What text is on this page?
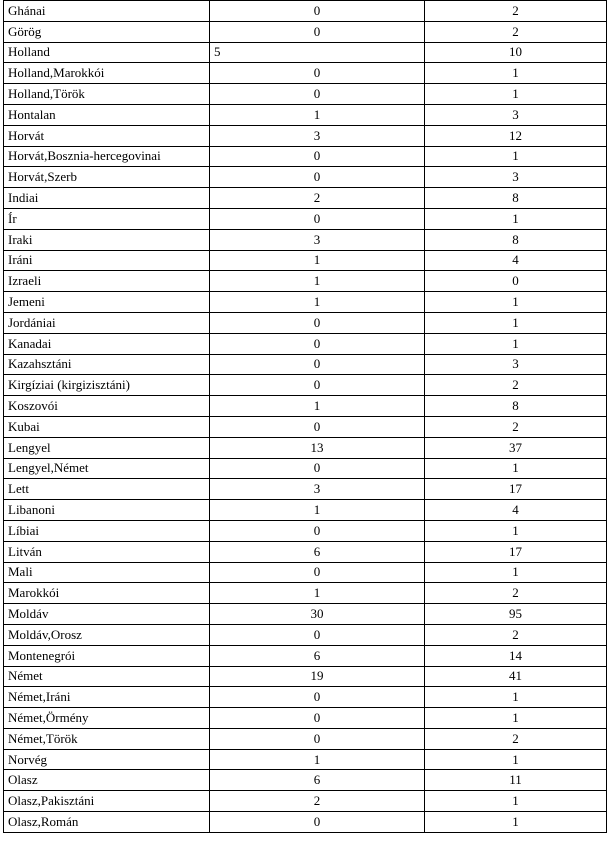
Ghánai	0	2
Görög	0	2
Holland	5	10
Holland,Marokkói	0	1
Holland,Török	0	1
Hontalan	1	3
Horvát	3	12
Horvát,Bosznia-hercegovinai	0	1
Horvát,Szerb	0	3
Indiai	2	8
Ír	0	1
Iraki	3	8
Iráni	1	4
Izraeli	1	0
Jemeni	1	1
Jordániai	0	1
Kanadai	0	1
Kazahsztáni	0	3
Kirgíziai (kirgizisztáni)	0	2
Koszovói	1	8
Kubai	0	2
Lengyel	13	37
Lengyel,Német	0	1
Lett	3	17
Libanoni	1	4
Líbiai	0	1
Litván	6	17
Mali	0	1
Marokkói	1	2
Moldáv	30	95
Moldáv,Orosz	0	2
Montenegrói	6	14
Német	19	41
Német,Iráni	0	1
Német,Örmény	0	1
Német,Török	0	2
Norvég	1	1
Olasz	6	11
Olasz,Pakisztáni	2	1
Olasz,Román	0	1
